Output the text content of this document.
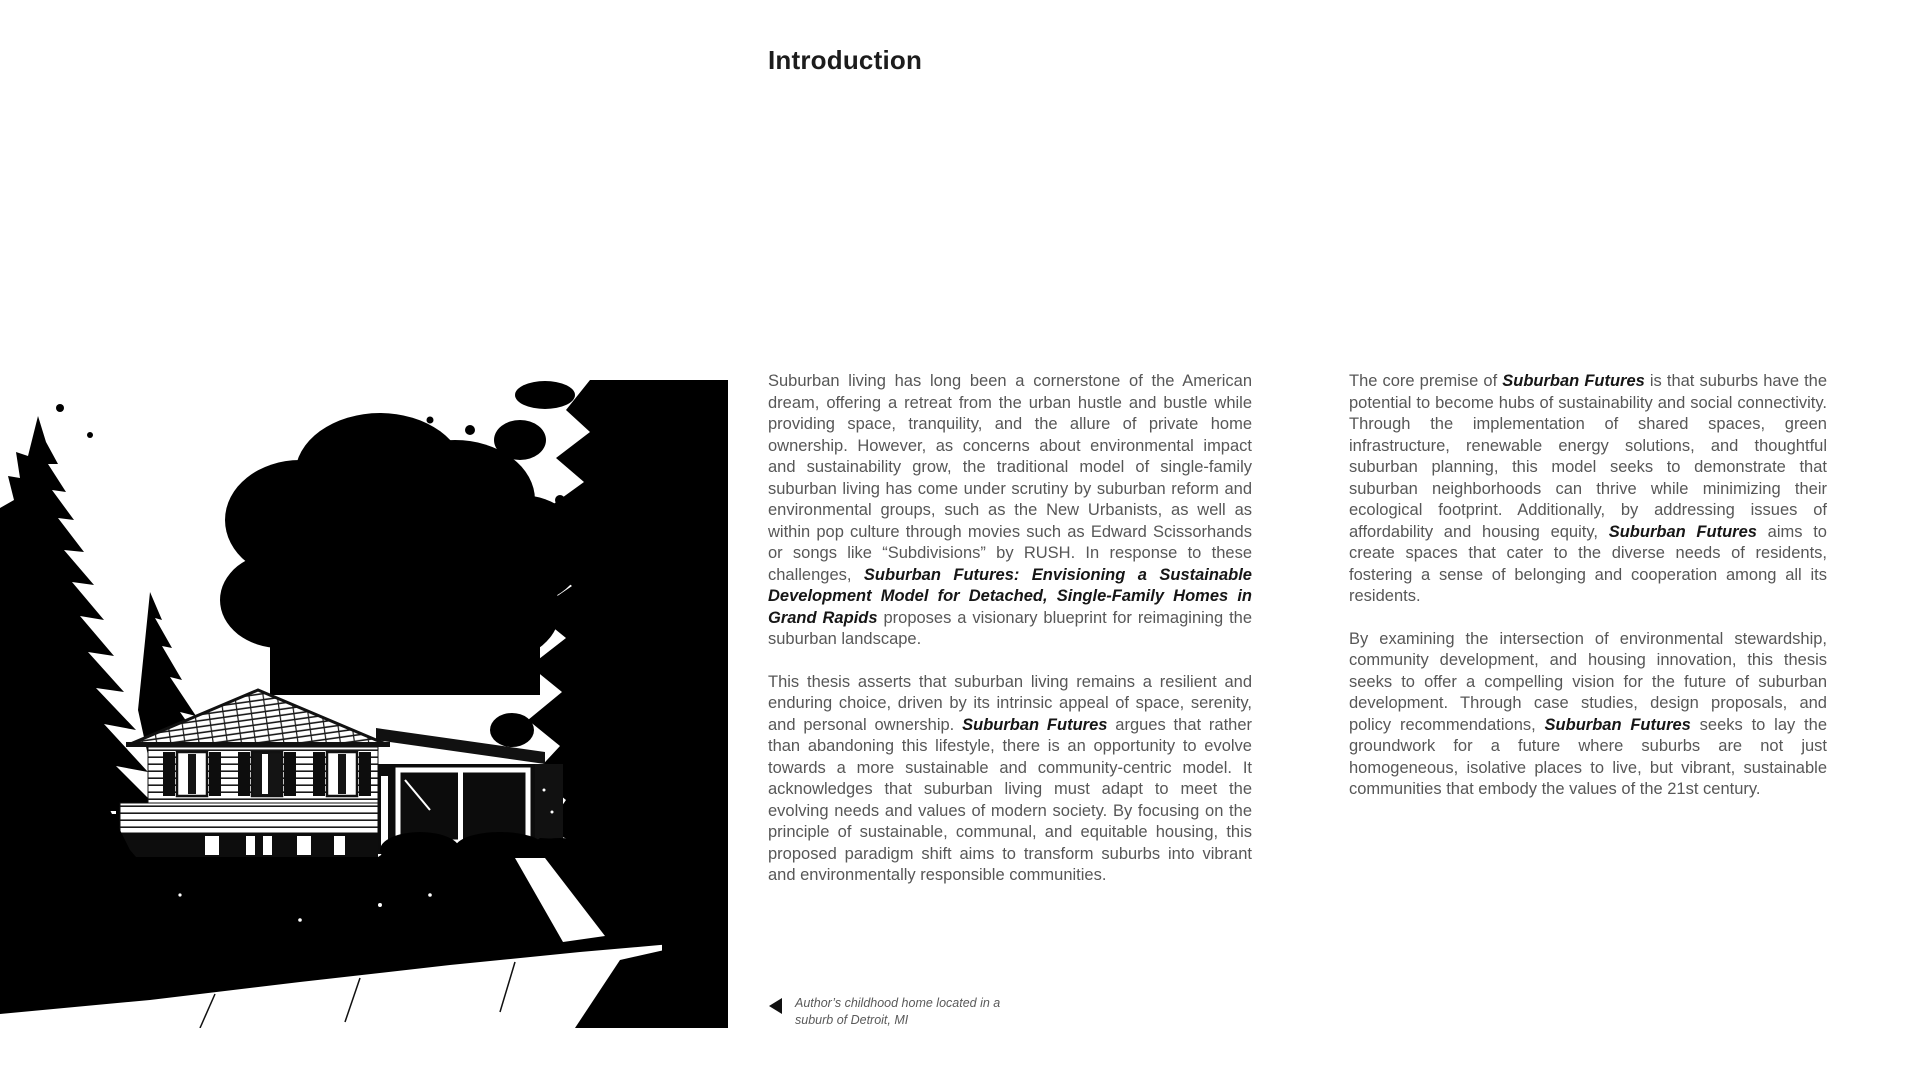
Introduction

Suburban living has long been a cornerstone of the American dream, offering a retreat from the urban hustle and bustle while providing space, tranquility, and the allure of private home ownership. However, as concerns about environmental impact and sustainability grow, the traditional model of single-family suburban living has come under scrutiny by suburban reform and environmental groups, such as the New Urbanists, as well as within pop culture through movies such as Edward Scissorhands or songs like “Subdivisions” by RUSH. In response to these challenges, Suburban Futures: Envisioning a Sustainable Development Model for Detached, Single-Family Homes in Grand Rapids proposes a visionary blueprint for reimagining the suburban landscape.

This thesis asserts that suburban living remains a resilient and enduring choice, driven by its intrinsic appeal of space, serenity, and personal ownership. Suburban Futures argues that rather than abandoning this lifestyle, there is an opportunity to evolve towards a more sustainable and community-centric model. It acknowledges that suburban living must adapt to meet the evolving needs and values of modern society. By focusing on the principle of sustainable, communal, and equitable housing, this proposed paradigm shift aims to transform suburbs into vibrant and environmentally responsible communities.

The core premise of Suburban Futures is that suburbs have the potential to become hubs of sustainability and social connectivity. Through the implementation of shared spaces, green infrastructure, renewable energy solutions, and thoughtful suburban planning, this model seeks to demonstrate that suburban neighborhoods can thrive while minimizing their ecological footprint. Additionally, by addressing issues of affordability and housing equity, Suburban Futures aims to create spaces that cater to the diverse needs of residents, fostering a sense of belonging and cooperation among all its residents.

By examining the intersection of environmental stewardship, community development, and housing innovation, this thesis seeks to offer a compelling vision for the future of suburban development. Through case studies, design proposals, and policy recommendations, Suburban Futures seeks to lay the groundwork for a future where suburbs are not just homogeneous, isolative places to live, but vibrant, sustainable communities that embody the values of the 21st century.

Author’s childhood home located in a suburb of Detroit, MI
